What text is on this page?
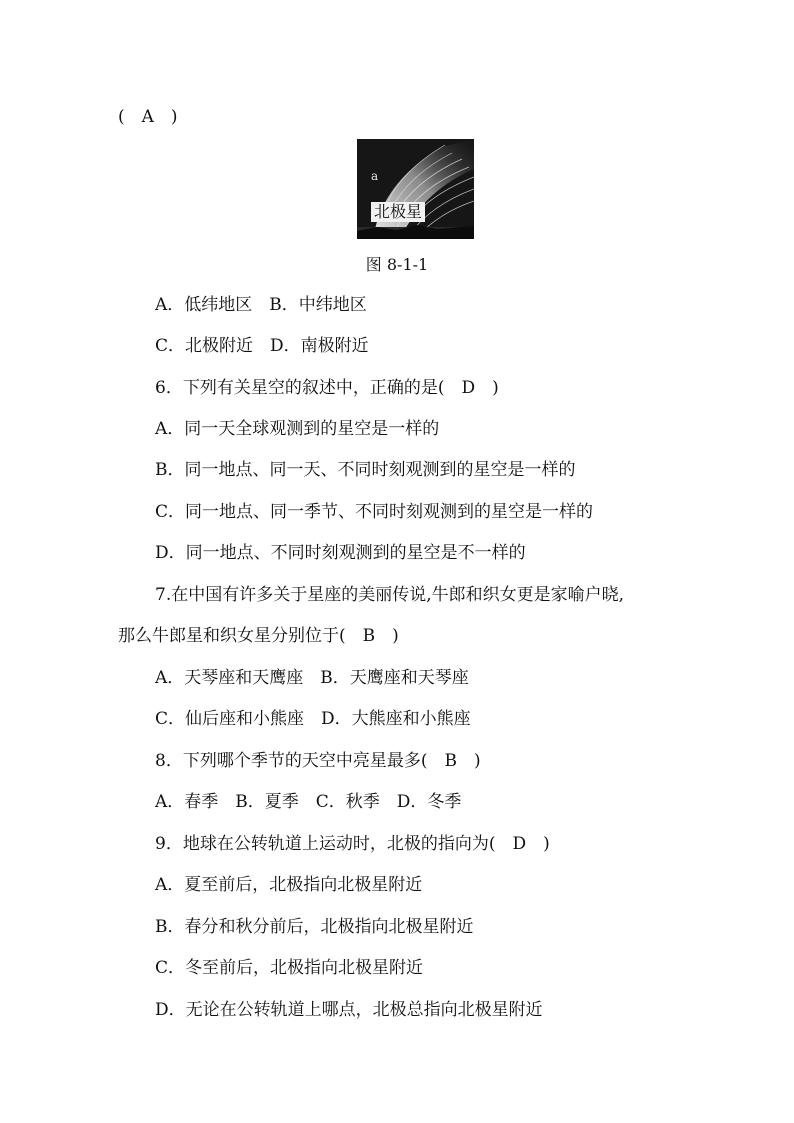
(　A　)
a
北极星
图 8-1-1
A．低纬地区　B．中纬地区
C．北极附近　D．南极附近
6．下列有关星空的叙述中，正确的是(　D　)
A．同一天全球观测到的星空是一样的
B．同一地点、同一天、不同时刻观测到的星空是一样的
C．同一地点、同一季节、不同时刻观测到的星空是一样的
D．同一地点、不同时刻观测到的星空是不一样的
7.在中国有许多关于星座的美丽传说,牛郎和织女更是家喻户晓,
那么牛郎星和织女星分别位于(　B　)
A．天琴座和天鹰座　B．天鹰座和天琴座
C．仙后座和小熊座　D．大熊座和小熊座
8．下列哪个季节的天空中亮星最多(　B　)
A．春季　B．夏季　C．秋季　D．冬季
9．地球在公转轨道上运动时，北极的指向为(　D　)
A．夏至前后，北极指向北极星附近
B．春分和秋分前后，北极指向北极星附近
C．冬至前后，北极指向北极星附近
D．无论在公转轨道上哪点，北极总指向北极星附近
